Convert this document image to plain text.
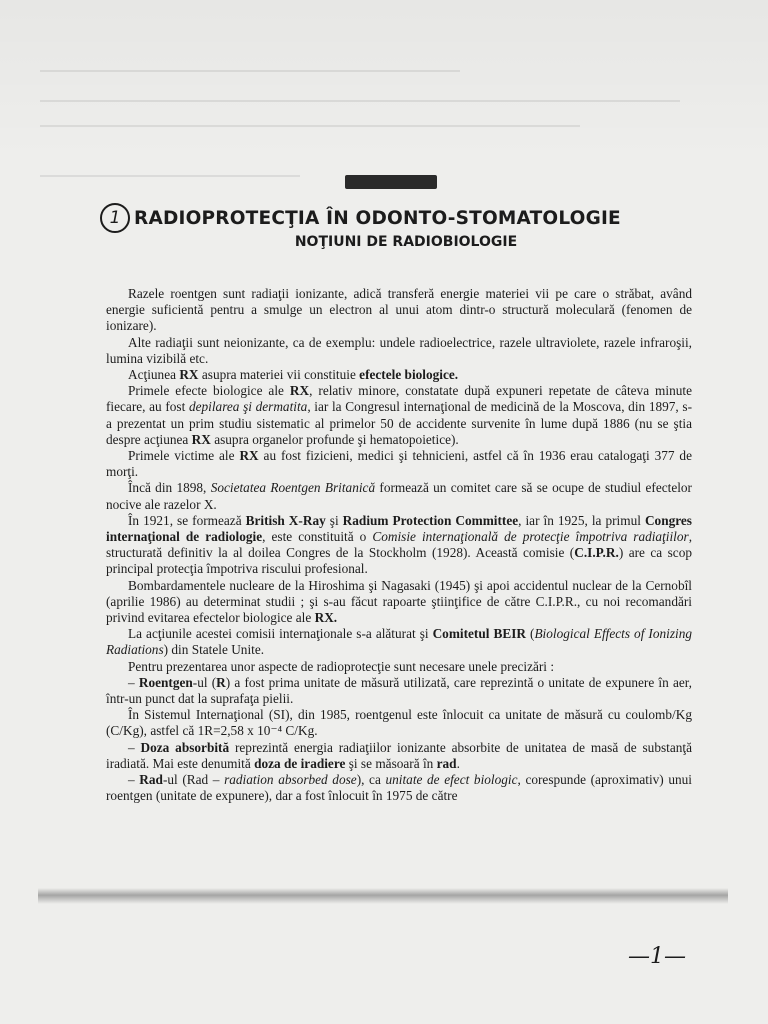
1 RADIOPROTECŢIA ÎN ODONTO-STOMATOLOGIE
NOŢIUNI DE RADIOBIOLOGIE

Razele roentgen sunt radiaţii ionizante, adică transferă energie materiei vii pe care o străbat, având energie suficientă pentru a smulge un electron al unui atom dintr-o structură moleculară (fenomen de ionizare).

Alte radiaţii sunt neionizante, ca de exemplu: undele radioelectrice, razele ultraviolete, razele infraroşii, lumina vizibilă etc.

Acţiunea RX asupra materiei vii constituie efectele biologice.

Primele efecte biologice ale RX, relativ minore, constatate după expuneri repetate de câteva minute fiecare, au fost depilarea şi dermatita, iar la Congresul internaţional de medicină de la Moscova, din 1897, s-a prezentat un prim studiu sistematic al primelor 50 de accidente survenite în lume după 1886 (nu se ştia despre acţiunea RX asupra organelor profunde şi hematopoietice).

Primele victime ale RX au fost fizicieni, medici şi tehnicieni, astfel că în 1936 erau catalogaţi 377 de morţi.

Încă din 1898, Societatea Roentgen Britanică formează un comitet care să se ocupe de studiul efectelor nocive ale razelor X.

În 1921, se formează British X-Ray şi Radium Protection Committee, iar în 1925, la primul Congres internaţional de radiologie, este constituită o Comisie internaţională de protecţie împotriva radiaţiilor, structurată definitiv la al doilea Congres de la Stockholm (1928). Această comisie (C.I.P.R.) are ca scop principal protecţia împotriva riscului profesional.

Bombardamentele nucleare de la Hiroshima şi Nagasaki (1945) şi apoi accidentul nuclear de la Cernobîl (aprilie 1986) au determinat studii ; şi s-au făcut rapoarte ştiinţifice de către C.I.P.R., cu noi recomandări privind evitarea efectelor biologice ale RX.

La acţiunile acestei comisii internaţionale s-a alăturat şi Comitetul BEIR (Biological Effects of Ionizing Radiations) din Statele Unite.

Pentru prezentarea unor aspecte de radioprotecţie sunt necesare unele precizări :

– Roentgen-ul (R) a fost prima unitate de măsură utilizată, care reprezintă o unitate de expunere în aer, într-un punct dat la suprafaţa pielii.

În Sistemul Internaţional (SI), din 1985, roentgenul este înlocuit ca unitate de măsură cu coulomb/Kg (C/Kg), astfel că 1R=2,58 x 10⁻⁴ C/Kg.

– Doza absorbită reprezintă energia radiaţiilor ionizante absorbite de unitatea de masă de substanţă iradiată. Mai este denumită doza de iradiere şi se măsoară în rad.

– Rad-ul (Rad – radiation absorbed dose), ca unitate de efect biologic, corespunde (aproximativ) unui roentgen (unitate de expunere), dar a fost înlocuit în 1975 de către

—1—
